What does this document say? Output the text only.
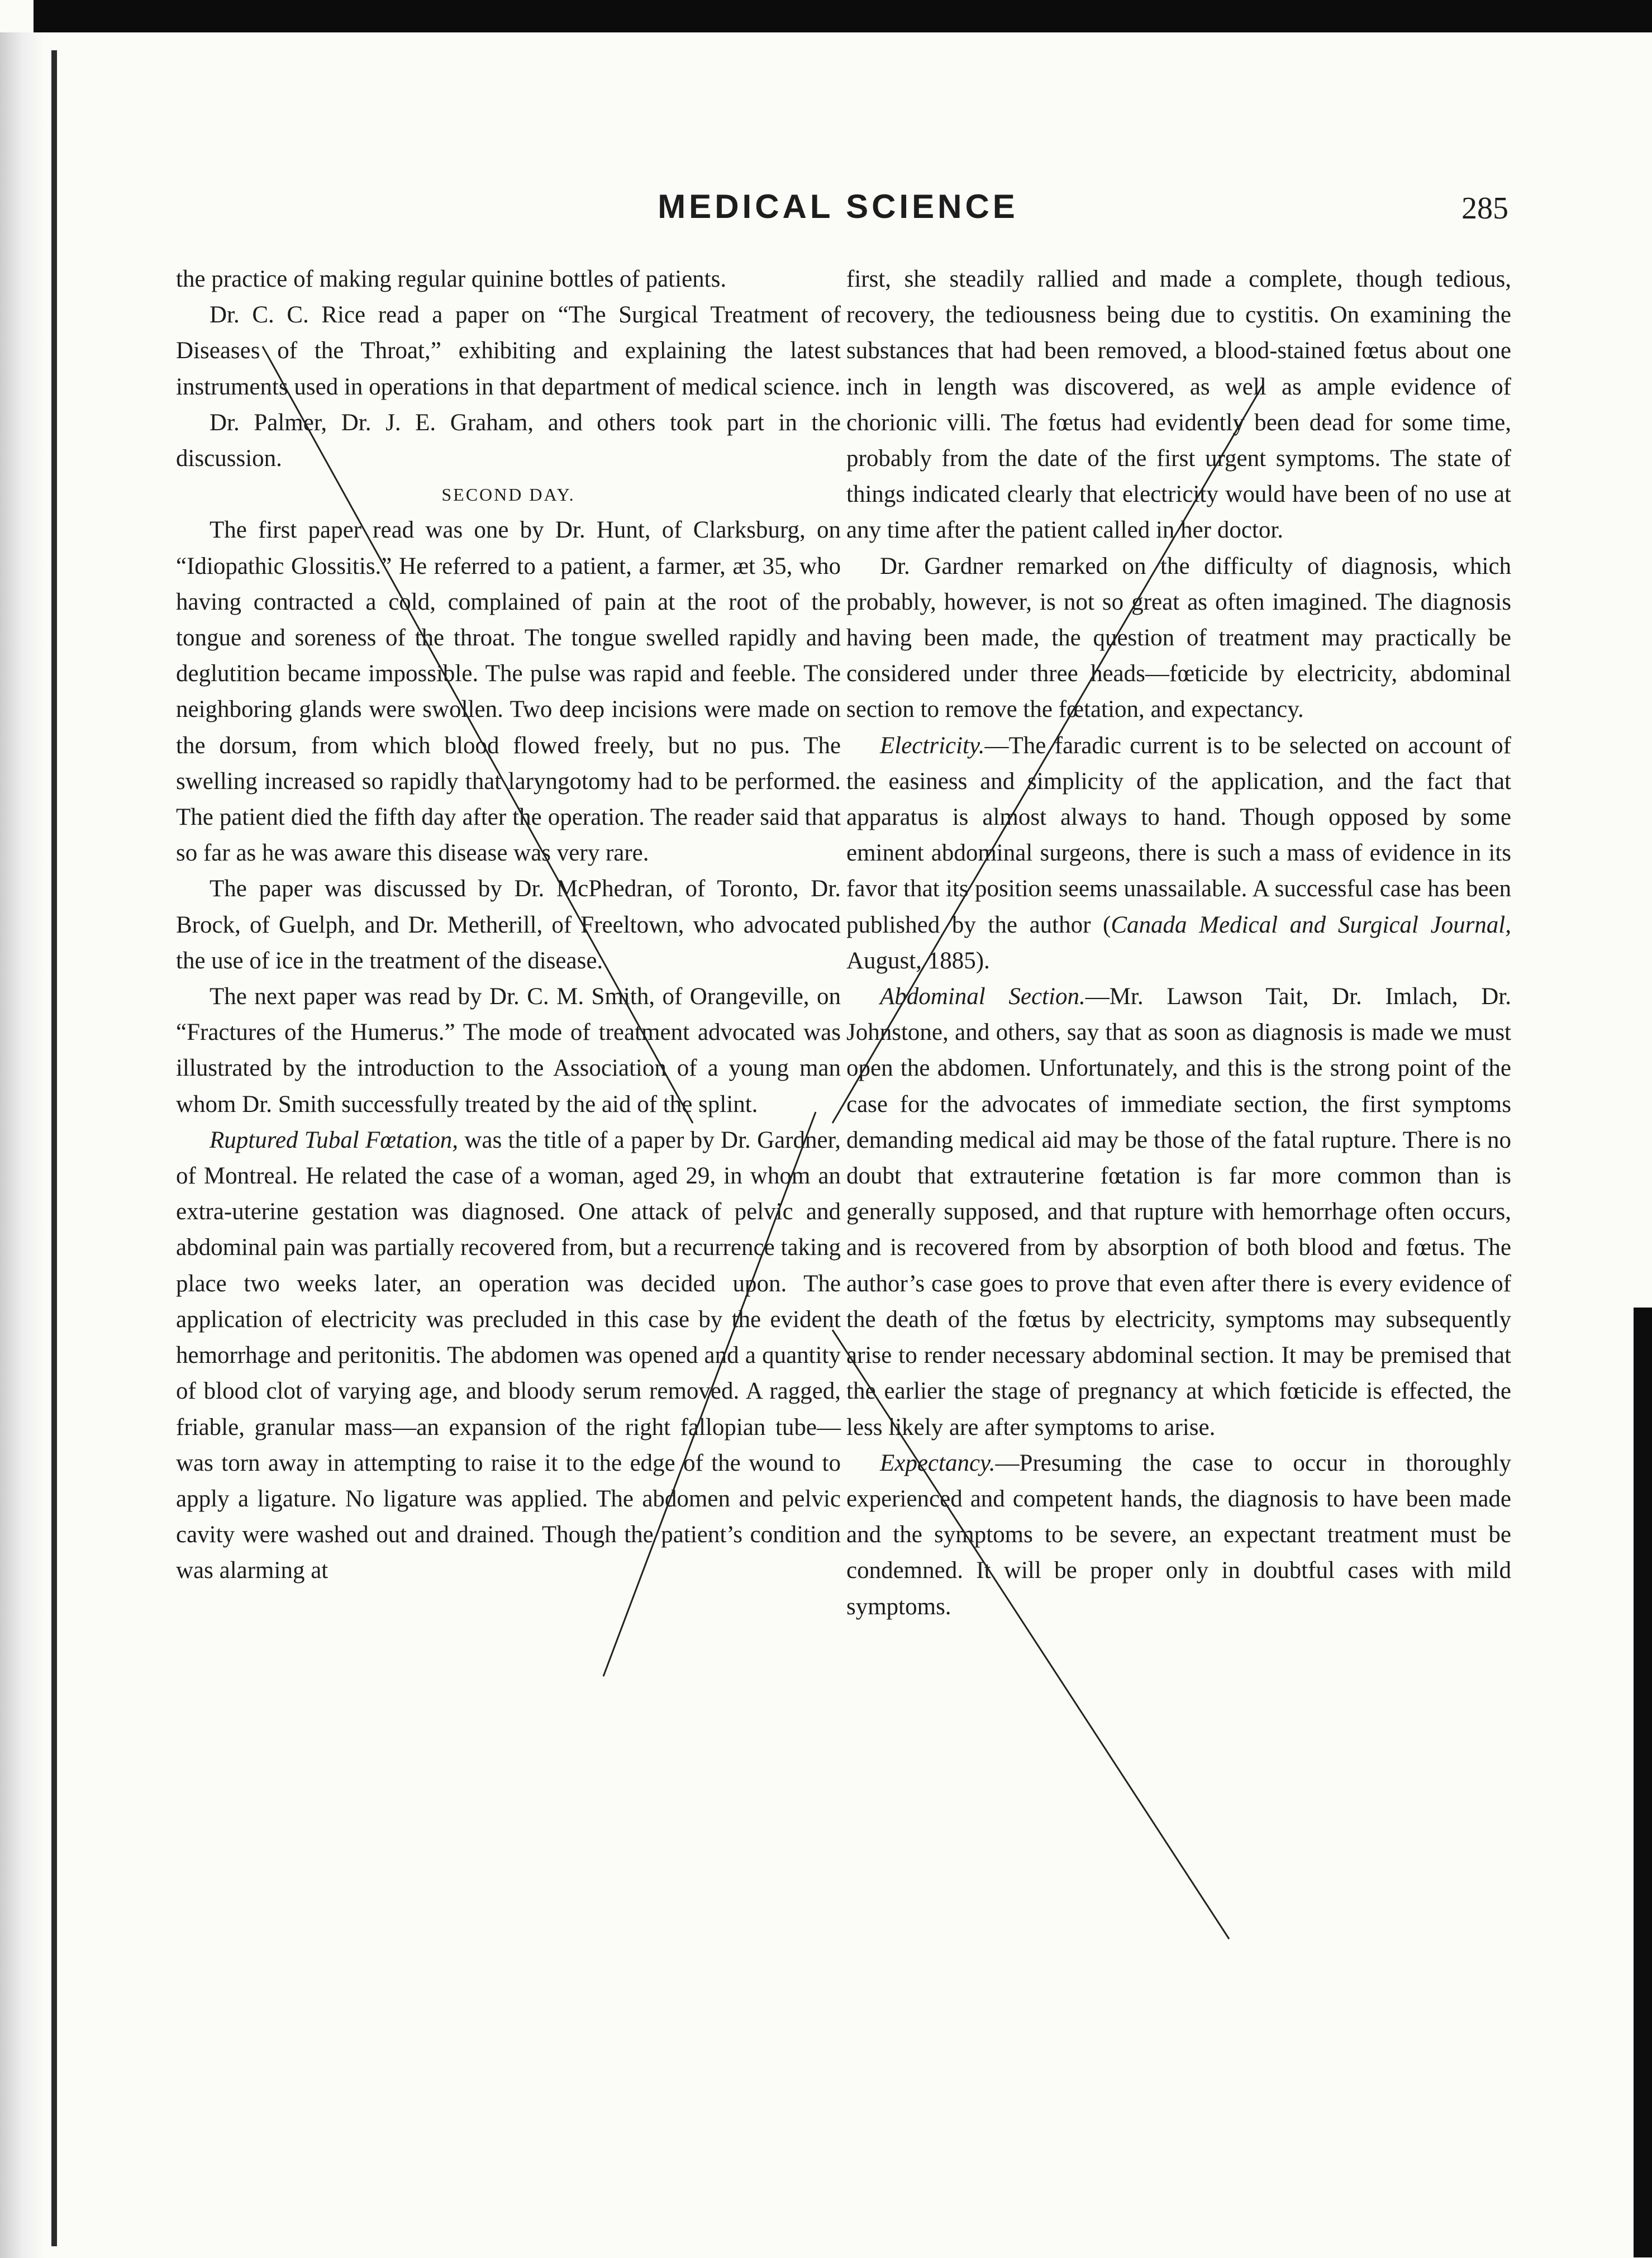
MEDICAL SCIENCE	285

the practice of making regular quinine bottles of patients.

Dr. C. C. Rice read a paper on “The Surgical Treatment of Diseases of the Throat,” exhibiting and explaining the latest instruments used in operations in that department of medical science.

Dr. Palmer, Dr. J. E. Graham, and others took part in the discussion.

SECOND DAY.

The first paper read was one by Dr. Hunt, of Clarksburg, on “Idiopathic Glossitis.” He referred to a patient, a farmer, æt 35, who having contracted a cold, complained of pain at the root of the tongue and soreness of the throat. The tongue swelled rapidly and deglutition became impossible. The pulse was rapid and feeble. The neighboring glands were swollen. Two deep incisions were made on the dorsum, from which blood flowed freely, but no pus. The swelling increased so rapidly that laryngotomy had to be performed. The patient died the fifth day after the operation. The reader said that so far as he was aware this disease was very rare.

The paper was discussed by Dr. McPhedran, of Toronto, Dr. Brock, of Guelph, and Dr. Metherill, of Freeltown, who advocated the use of ice in the treatment of the disease.

The next paper was read by Dr. C. M. Smith, of Orangeville, on “Fractures of the Humerus.” The mode of treatment advocated was illustrated by the introduction to the Association of a young man whom Dr. Smith successfully treated by the aid of the splint.

Ruptured Tubal Fœtation, was the title of a paper by Dr. Gardner, of Montreal. He related the case of a woman, aged 29, in whom an extra-uterine gestation was diagnosed. One attack of pelvic and abdominal pain was partially recovered from, but a recurrence taking place two weeks later, an operation was decided upon. The application of electricity was precluded in this case by the evident hemorrhage and peritonitis. The abdomen was opened and a quantity of blood clot of varying age, and bloody serum removed. A ragged, friable, granular mass—an expansion of the right fallopian tube—was torn away in attempting to raise it to the edge of the wound to apply a ligature. No ligature was applied. The abdomen and pelvic cavity were washed out and drained. Though the patient’s condition was alarming at

first, she steadily rallied and made a complete, though tedious, recovery, the tediousness being due to cystitis. On examining the substances that had been removed, a blood-stained fœtus about one inch in length was discovered, as well as ample evidence of chorionic villi. The fœtus had evidently been dead for some time, probably from the date of the first urgent symptoms. The state of things indicated clearly that electricity would have been of no use at any time after the patient called in her doctor.

Dr. Gardner remarked on the difficulty of diagnosis, which probably, however, is not so great as often imagined. The diagnosis having been made, the question of treatment may practically be considered under three heads—fœticide by electricity, abdominal section to remove the fœtation, and expectancy.

Electricity.—The faradic current is to be selected on account of the easiness and simplicity of the application, and the fact that apparatus is almost always to hand. Though opposed by some eminent abdominal surgeons, there is such a mass of evidence in its favor that its position seems unassailable. A successful case has been published by the author (Canada Medical and Surgical Journal, August, 1885).

Abdominal Section.—Mr. Lawson Tait, Dr. Imlach, Dr. Johnstone, and others, say that as soon as diagnosis is made we must open the abdomen. Unfortunately, and this is the strong point of the case for the advocates of immediate section, the first symptoms demanding medical aid may be those of the fatal rupture. There is no doubt that extrauterine fœtation is far more common than is generally supposed, and that rupture with hemorrhage often occurs, and is recovered from by absorption of both blood and fœtus. The author’s case goes to prove that even after there is every evidence of the death of the fœtus by electricity, symptoms may subsequently arise to render necessary abdominal section. It may be premised that the earlier the stage of pregnancy at which fœticide is effected, the less likely are after symptoms to arise.

Expectancy.—Presuming the case to occur in thoroughly experienced and competent hands, the diagnosis to have been made and the symptoms to be severe, an expectant treatment must be condemned. It will be proper only in doubtful cases with mild symptoms.
